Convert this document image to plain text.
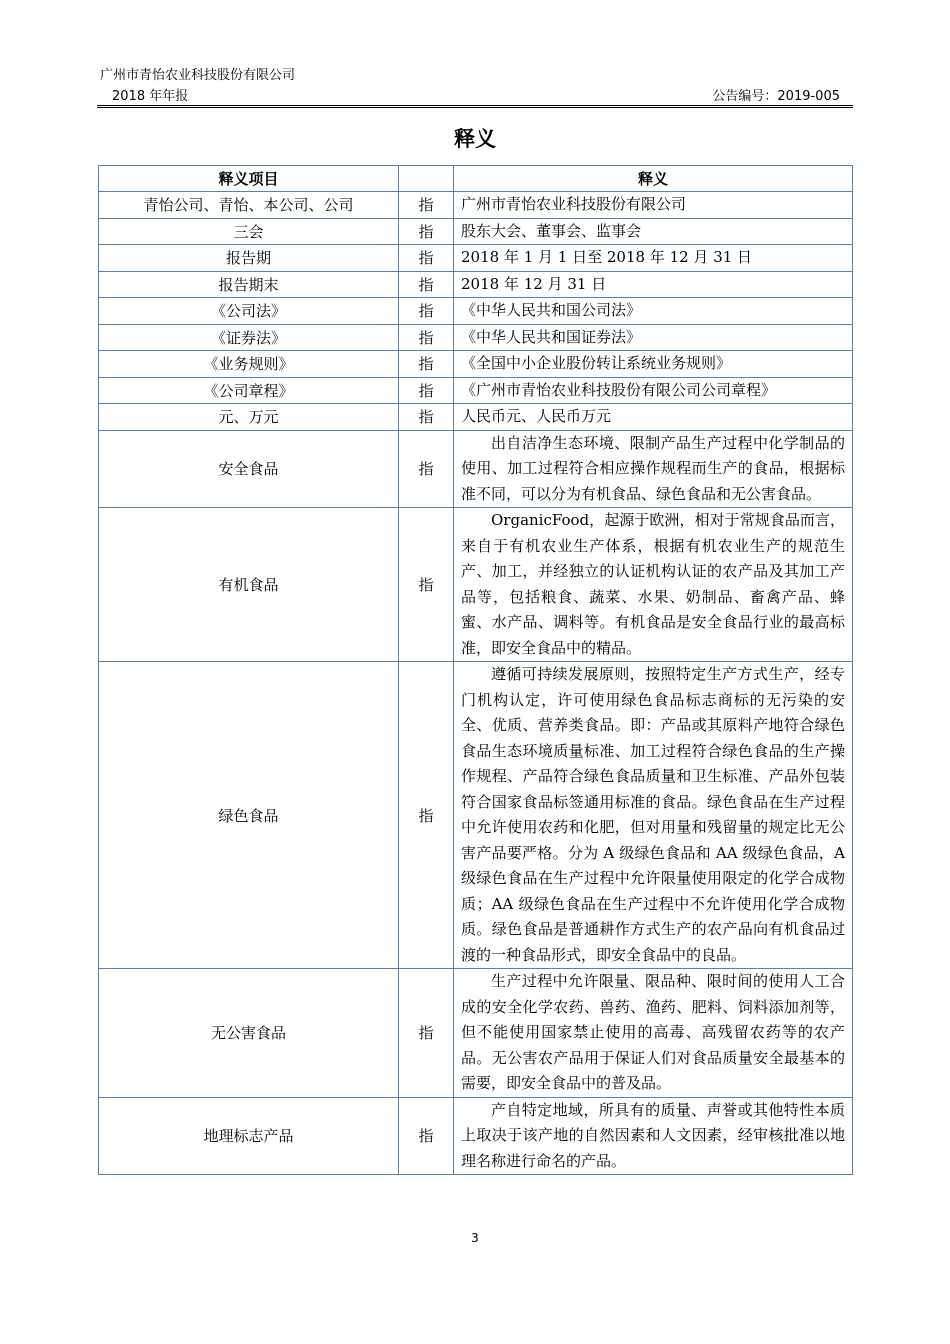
广州市青怡农业科技股份有限公司
2018 年年报	公告编号：2019-005
释义
释义项目		释义
青怡公司、青怡、本公司、公司	指	广州市青怡农业科技股份有限公司
三会	指	股东大会、董事会、监事会
报告期	指	2018 年 1 月 1 日至 2018 年 12 月 31 日
报告期末	指	2018 年 12 月 31 日
《公司法》	指	《中华人民共和国公司法》
《证券法》	指	《中华人民共和国证券法》
《业务规则》	指	《全国中小企业股份转让系统业务规则》
《公司章程》	指	《广州市青怡农业科技股份有限公司公司章程》
元、万元	指	人民币元、人民币万元
安全食品	指	出自洁净生态环境、限制产品生产过程中化学制品的使用、加工过程符合相应操作规程而生产的食品，根据标准不同，可以分为有机食品、绿色食品和无公害食品。
有机食品	指	OrganicFood，起源于欧洲，相对于常规食品而言，来自于有机农业生产体系，根据有机农业生产的规范生产、加工，并经独立的认证机构认证的农产品及其加工产品等，包括粮食、蔬菜、水果、奶制品、畜禽产品、蜂蜜、水产品、调料等。有机食品是安全食品行业的最高标准，即安全食品中的精品。
绿色食品	指	遵循可持续发展原则，按照特定生产方式生产，经专门机构认定，许可使用绿色食品标志商标的无污染的安全、优质、营养类食品。即：产品或其原料产地符合绿色食品生态环境质量标准、加工过程符合绿色食品的生产操作规程、产品符合绿色食品质量和卫生标准、产品外包装符合国家食品标签通用标准的食品。绿色食品在生产过程中允许使用农药和化肥，但对用量和残留量的规定比无公害产品要严格。分为 A 级绿色食品和 AA 级绿色食品，A 级绿色食品在生产过程中允许限量使用限定的化学合成物质；AA 级绿色食品在生产过程中不允许使用化学合成物质。绿色食品是普通耕作方式生产的农产品向有机食品过渡的一种食品形式，即安全食品中的良品。
无公害食品	指	生产过程中允许限量、限品种、限时间的使用人工合成的安全化学农药、兽药、渔药、肥料、饲料添加剂等，但不能使用国家禁止使用的高毒、高残留农药等的农产品。无公害农产品用于保证人们对食品质量安全最基本的需要，即安全食品中的普及品。
地理标志产品	指	产自特定地域，所具有的质量、声誉或其他特性本质上取决于该产地的自然因素和人文因素，经审核批准以地理名称进行命名的产品。
3
